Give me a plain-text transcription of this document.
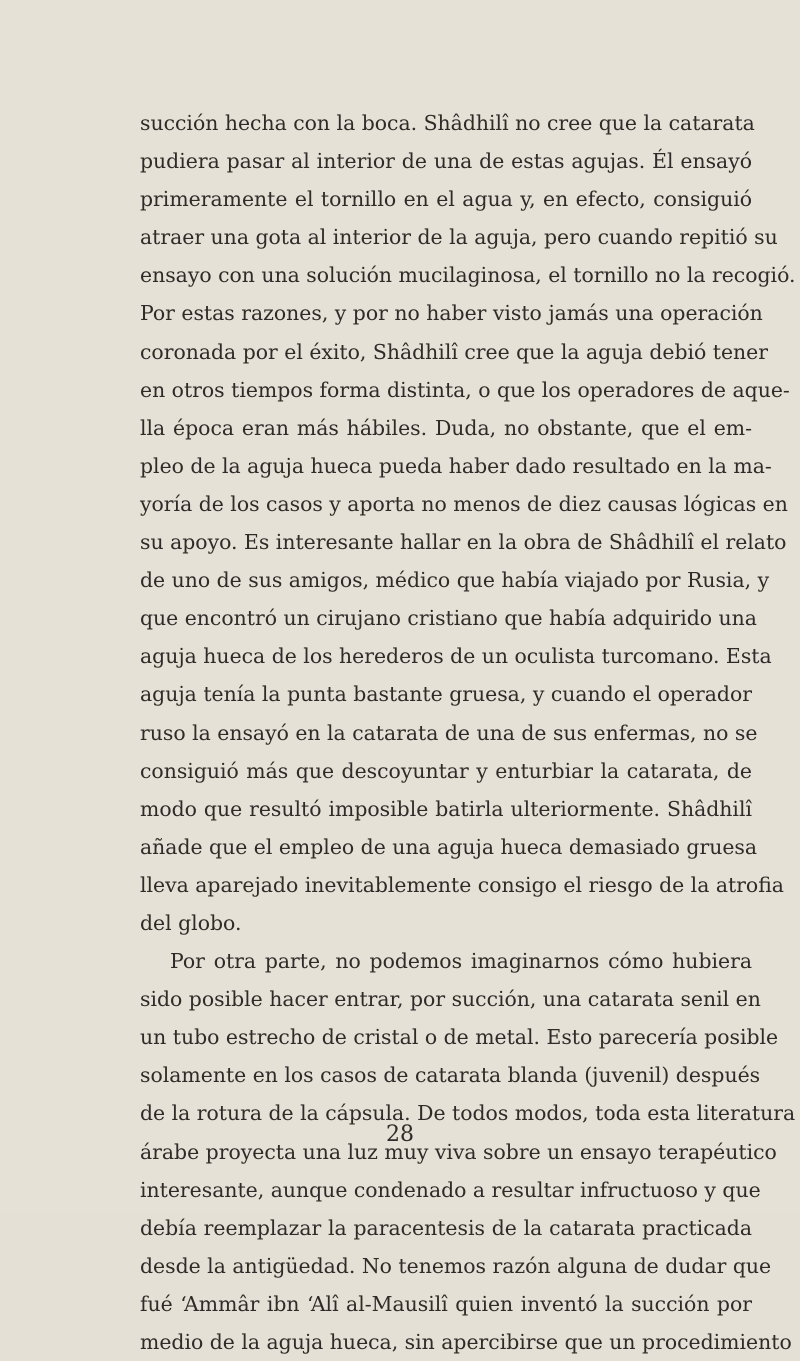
succión hecha con la boca. Shâdhilî no cree que la catarata
pudiera pasar al interior de una de estas agujas. Él ensayó
primeramente el tornillo en el agua y, en efecto, consiguió
atraer una gota al interior de la aguja, pero cuando repitió su
ensayo con una solución mucilaginosa, el tornillo no la recogió.
Por estas razones, y por no haber visto jamás una operación
coronada por el éxito, Shâdhilî cree que la aguja debió tener
en otros tiempos forma distinta, o que los operadores de aque-
lla época eran más hábiles. Duda, no obstante, que el em-
pleo de la aguja hueca pueda haber dado resultado en la ma-
yoría de los casos y aporta no menos de diez causas lógicas en
su apoyo. Es interesante hallar en la obra de Shâdhilî el relato
de uno de sus amigos, médico que había viajado por Rusia, y
que encontró un cirujano cristiano que había adquirido una
aguja hueca de los herederos de un oculista turcomano. Esta
aguja tenía la punta bastante gruesa, y cuando el operador
ruso la ensayó en la catarata de una de sus enfermas, no se
consiguió más que descoyuntar y enturbiar la catarata, de
modo que resultó imposible batirla ulteriormente. Shâdhilî
añade que el empleo de una aguja hueca demasiado gruesa
lleva aparejado inevitablemente consigo el riesgo de la atrofia
del globo.
Por otra parte, no podemos imaginarnos cómo hubiera
sido posible hacer entrar, por succión, una catarata senil en
un tubo estrecho de cristal o de metal. Esto parecería posible
solamente en los casos de catarata blanda (juvenil) después
de la rotura de la cápsula. De todos modos, toda esta literatura
árabe proyecta una luz muy viva sobre un ensayo terapéutico
interesante, aunque condenado a resultar infructuoso y que
debía reemplazar la paracentesis de la catarata practicada
desde la antigüedad. No tenemos razón alguna de dudar que
fué ‘Ammâr ibn ‘Alî al-Mausilî quien inventó la succión por
medio de la aguja hueca, sin apercibirse que un procedimiento
28
